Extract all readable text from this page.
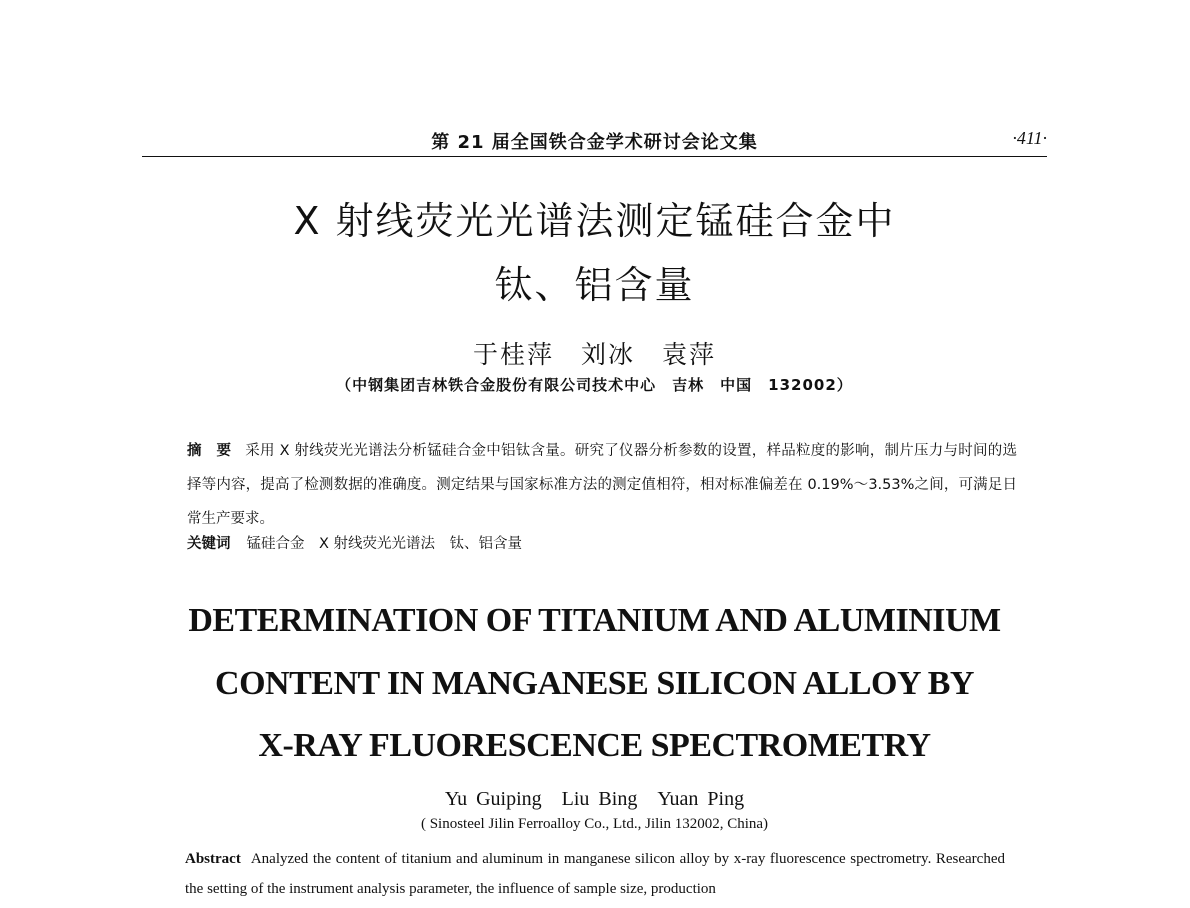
第 21 届全国铁合金学术研讨会论文集	·411·
X 射线荧光光谱法测定锰硅合金中
钛、铝含量
于桂萍　刘冰　袁萍
（中钢集团吉林铁合金股份有限公司技术中心　吉林　中国　132002）
摘　要 采用 X 射线荧光光谱法分析锰硅合金中铝钛含量。研究了仪器分析参数的设置，样品粒度的影响，制片压力与时间的选择等内容，提高了检测数据的准确度。测定结果与国家标准方法的测定值相符，相对标准偏差在 0.19%～3.53%之间，可满足日常生产要求。
关键词 锰硅合金　X 射线荧光光谱法　钛、铝含量
DETERMINATION OF TITANIUM AND ALUMINIUM
CONTENT IN MANGANESE SILICON ALLOY BY
X-RAY FLUORESCENCE SPECTROMETRY
Yu Guiping　Liu Bing　Yuan Ping
( Sinosteel Jilin Ferroalloy Co., Ltd., Jilin 132002, China)
Abstract Analyzed the content of titanium and aluminum in manganese silicon alloy by x-ray fluorescence spectrometry. Researched the setting of the instrument analysis parameter, the influence of sample size, production
